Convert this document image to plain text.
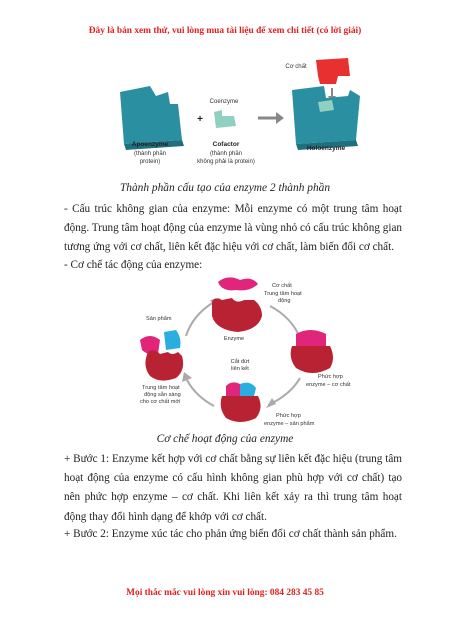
Đây là bản xem thử, vui lòng mua tài liệu để xem chi tiết (có lời giải)
Apoenzyme
(thành phần
protein)
+
Coenzyme
Cofactor
(thành phần
không phải là protein)
Cơ chất
Holoenzyme
Thành phần cấu tạo của enzyme 2 thành phần
- Cấu trúc không gian của enzyme: Mỗi enzyme có một trung tâm hoạt động. Trung tâm hoạt động của enzyme là vùng nhỏ có cấu trúc không gian tương ứng với cơ chất, liên kết đặc hiệu với cơ chất, làm biến đổi cơ chất.
- Cơ chế tác động của enzyme:
Cơ chất
Trung tâm hoạt
động
Enzyme
Phức hợp
enzyme – cơ chất
Cắt đứt
liên kết
Phức hợp
enzyme – sản phẩm
Sản phẩm
Trung tâm hoạt
động sẵn sàng
cho cơ chất mới
Cơ chế hoạt động của enzyme
+ Bước 1: Enzyme kết hợp với cơ chất bằng sự liên kết đặc hiệu (trung tâm hoạt động của enzyme có cấu hình không gian phù hợp với cơ chất) tạo nên phức hợp enzyme – cơ chất. Khi liên kết xảy ra thì trung tâm hoạt động thay đổi hình dạng để khớp với cơ chất.
+ Bước 2: Enzyme xúc tác cho phản ứng biến đổi cơ chất thành sản phẩm.
Mọi thắc mắc vui lòng xin vui lòng: 084 283 45 85
